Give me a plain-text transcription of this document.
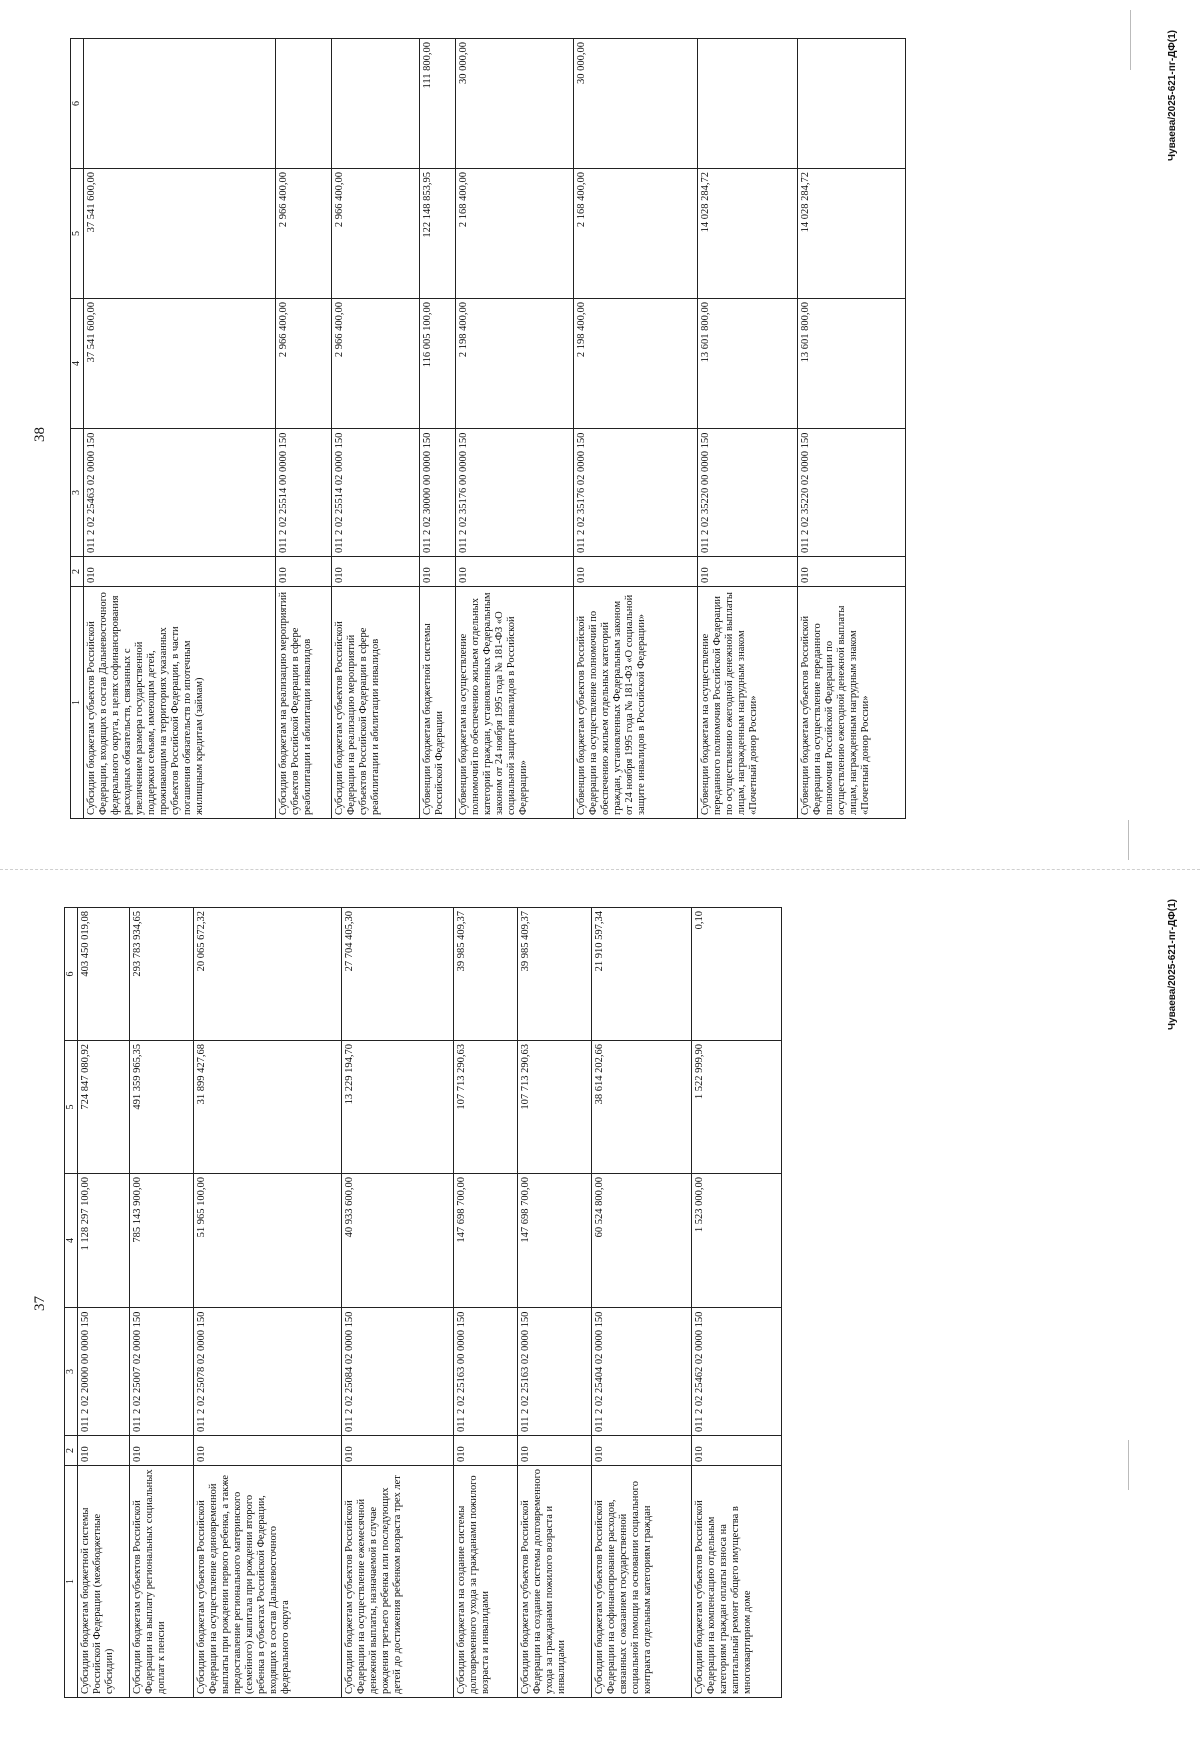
38
1	2	3	4	5	6
Субсидии бюджетам субъектов Российской Федерации, входящих в состав Дальневосточного федерального округа, в целях софинансирования расходных обязательств, связанных с увеличением размера государственной поддержки семьям, имеющим детей, проживающим на территориях указанных субъектов Российской Федерации, в части погашения обязательств по ипотечным жилищным кредитам (займам)	010	011 2 02 25463 02 0000 150	37 541 600,00	37 541 600,00	
Субсидии бюджетам на реализацию мероприятий субъектов Российской Федерации в сфере реабилитации и абилитации инвалидов	010	011 2 02 25514 00 0000 150	2 966 400,00	2 966 400,00	
Субсидии бюджетам субъектов Российской Федерации на реализацию мероприятий субъектов Российской Федерации в сфере реабилитации и абилитации инвалидов	010	011 2 02 25514 02 0000 150	2 966 400,00	2 966 400,00	
Субвенции бюджетам бюджетной системы Российской Федерации	010	011 2 02 30000 00 0000 150	116 005 100,00	122 148 853,95	111 800,00
Субвенции бюджетам на осуществление полномочий по обеспечению жильем отдельных категорий граждан, установленных Федеральным законом от 24 ноября 1995 года № 181-ФЗ «О социальной защите инвалидов в Российской Федерации»	010	011 2 02 35176 00 0000 150	2 198 400,00	2 168 400,00	30 000,00
Субвенции бюджетам субъектов Российской Федерации на осуществление полномочий по обеспечению жильем отдельных категорий граждан, установленных Федеральным законом от 24 ноября 1995 года № 181-ФЗ «О социальной защите инвалидов в Российской Федерации»	010	011 2 02 35176 02 0000 150	2 198 400,00	2 168 400,00	30 000,00
Субвенции бюджетам на осуществление переданного полномочия Российской Федерации по осуществлению ежегодной денежной выплаты лицам, награжденным нагрудным знаком «Почетный донор России»	010	011 2 02 35220 00 0000 150	13 601 800,00	14 028 284,72	
Субвенции бюджетам субъектов Российской Федерации на осуществление переданного полномочия Российской Федерации по осуществлению ежегодной денежной выплаты лицам, награжденным нагрудным знаком «Почетный донор России»	010	011 2 02 35220 02 0000 150	13 601 800,00	14 028 284,72	
Чуваева/2025-621-пг-ДФ(1)
37
1	2	3	4	5	6
Субсидии бюджетам бюджетной системы Российской Федерации (межбюджетные субсидии)	010	011 2 02 20000 00 0000 150	1 128 297 100,00	724 847 080,92	403 450 019,08
Субсидии бюджетам субъектов Российской Федерации на выплату региональных социальных доплат к пенсии	010	011 2 02 25007 02 0000 150	785 143 900,00	491 359 965,35	293 783 934,65
Субсидии бюджетам субъектов Российской Федерации на осуществление единовременной выплаты при рождении первого ребенка, а также предоставление регионального материнского (семейного) капитала при рождении второго ребенка в субъектах Российской Федерации, входящих в состав Дальневосточного федерального округа	010	011 2 02 25078 02 0000 150	51 965 100,00	31 899 427,68	20 065 672,32
Субсидии бюджетам субъектов Российской Федерации на осуществление ежемесячной денежной выплаты, назначаемой в случае рождения третьего ребенка или последующих детей до достижения ребенком возраста трех лет	010	011 2 02 25084 02 0000 150	40 933 600,00	13 229 194,70	27 704 405,30
Субсидии бюджетам на создание системы долговременного ухода за гражданами пожилого возраста и инвалидами	010	011 2 02 25163 00 0000 150	147 698 700,00	107 713 290,63	39 985 409,37
Субсидии бюджетам субъектов Российской Федерации на создание системы долговременного ухода за гражданами пожилого возраста и инвалидами	010	011 2 02 25163 02 0000 150	147 698 700,00	107 713 290,63	39 985 409,37
Субсидии бюджетам субъектов Российской Федерации на софинансирование расходов, связанных с оказанием государственной социальной помощи на основании социального контракта отдельным категориям граждан	010	011 2 02 25404 02 0000 150	60 524 800,00	38 614 202,66	21 910 597,34
Субсидии бюджетам субъектов Российской Федерации на компенсацию отдельным категориям граждан оплаты взноса на капитальный ремонт общего имущества в многоквартирном доме	010	011 2 02 25462 02 0000 150	1 523 000,00	1 522 999,90	0,10	Чуваева/2025-621-пг-ДФ(1)
